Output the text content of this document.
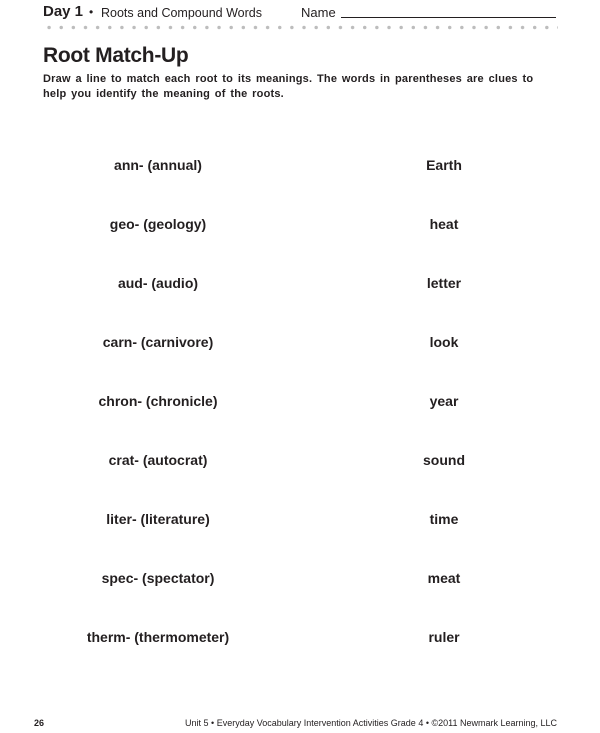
Day 1 • Roots and Compound Words	Name
Root Match-Up

Draw a line to match each root to its meanings. The words in parentheses are clues to help you identify the meaning of the roots.

ann- (annual)
geo- (geology)
aud- (audio)
carn- (carnivore)
chron- (chronicle)
crat- (autocrat)
liter- (literature)
spec- (spectator)
therm- (thermometer)
Earth
heat
letter
look
year
sound
time
meat
ruler
26	Unit 5 • Everyday Vocabulary Intervention Activities Grade 4 • ©2011 Newmark Learning, LLC
